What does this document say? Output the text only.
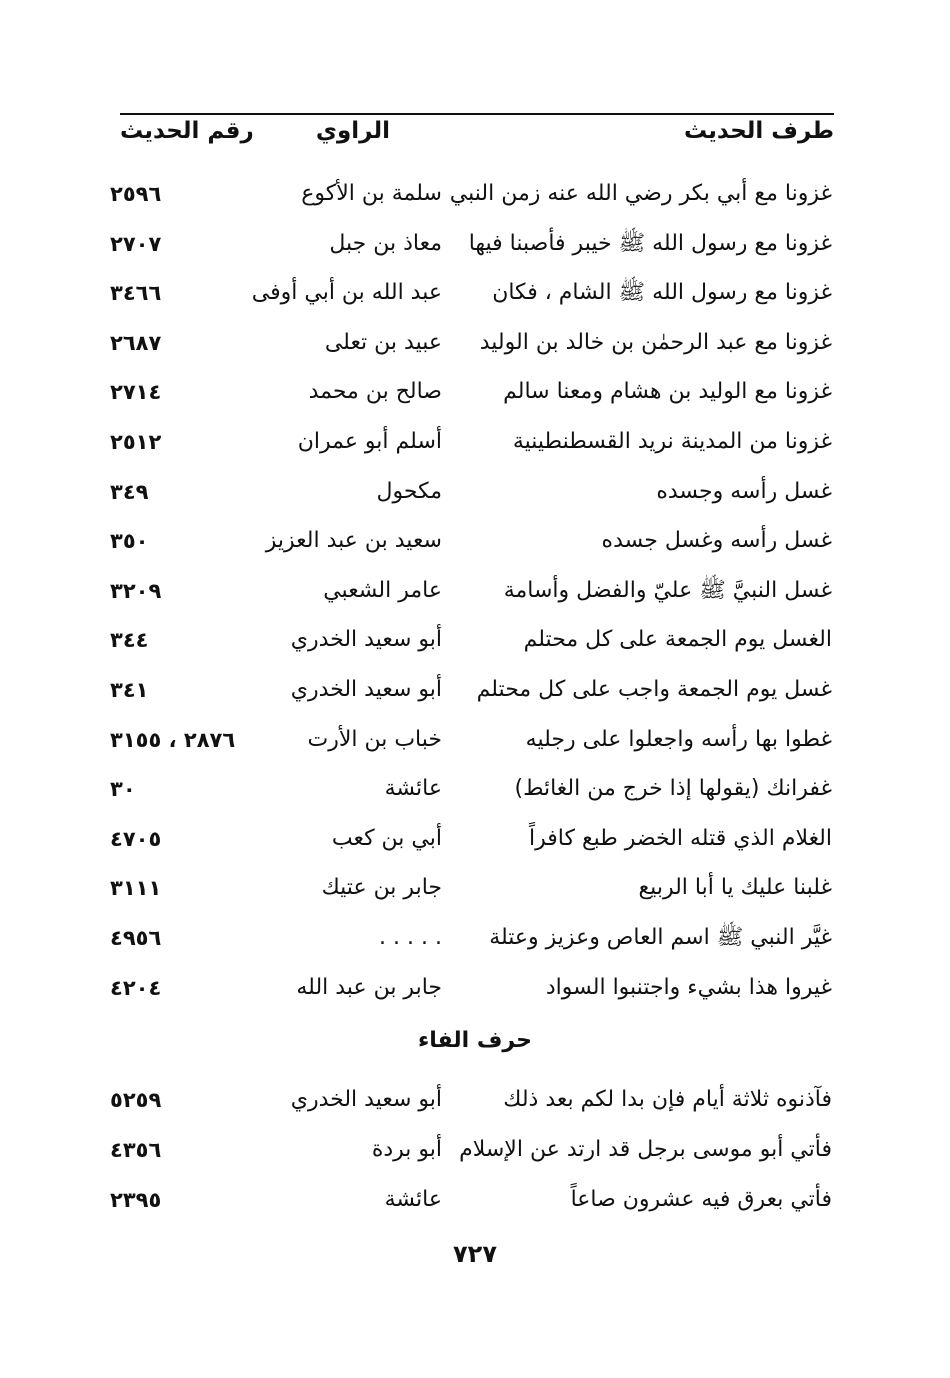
طرف الحديث
الراوي
رقم الحديث
غزونا مع أبي بكر رضي الله عنه زمن النبي
سلمة بن الأكوع
٢٥٩٦
غزونا مع رسول الله ﷺ خيبر فأصبنا فيها
معاذ بن جبل
٢٧٠٧
غزونا مع رسول الله ﷺ الشام ، فكان
عبد الله بن أبي أوفى
٣٤٦٦
غزونا مع عبد الرحمٰن بن خالد بن الوليد
عبيد بن تعلى
٢٦٨٧
غزونا مع الوليد بن هشام ومعنا سالم
صالح بن محمد
٢٧١٤
غزونا من المدينة نريد القسطنطينية
أسلم أبو عمران
٢٥١٢
غسل رأسه وجسده
مكحول
٣٤٩
غسل رأسه وغسل جسده
سعيد بن عبد العزيز
٣٥٠
غسل النبيَّ ﷺ عليّ والفضل وأسامة
عامر الشعبي
٣٢٠٩
الغسل يوم الجمعة على كل محتلم
أبو سعيد الخدري
٣٤٤
غسل يوم الجمعة واجب على كل محتلم
أبو سعيد الخدري
٣٤١
غطوا بها رأسه واجعلوا على رجليه
خباب بن الأرت
٢٨٧٦ ، ٣١٥٥
غفرانك (يقولها إذا خرج من الغائط)
عائشة
٣٠
الغلام الذي قتله الخضر طبع كافراً
أبي بن كعب
٤٧٠٥
غلبنا عليك يا أبا الربيع
جابر بن عتيك
٣١١١
غيَّر النبي ﷺ اسم العاص وعزيز وعتلة
. . . . .
٤٩٥٦
غيروا هذا بشيء واجتنبوا السواد
جابر بن عبد الله
٤٢٠٤
حرف الفاء
فآذنوه ثلاثة أيام فإن بدا لكم بعد ذلك
أبو سعيد الخدري
٥٢٥٩
فأتي أبو موسى برجل قد ارتد عن الإسلام
أبو بردة
٤٣٥٦
فأتي بعرق فيه عشرون صاعاً
عائشة
٢٣٩٥
٧٢٧
